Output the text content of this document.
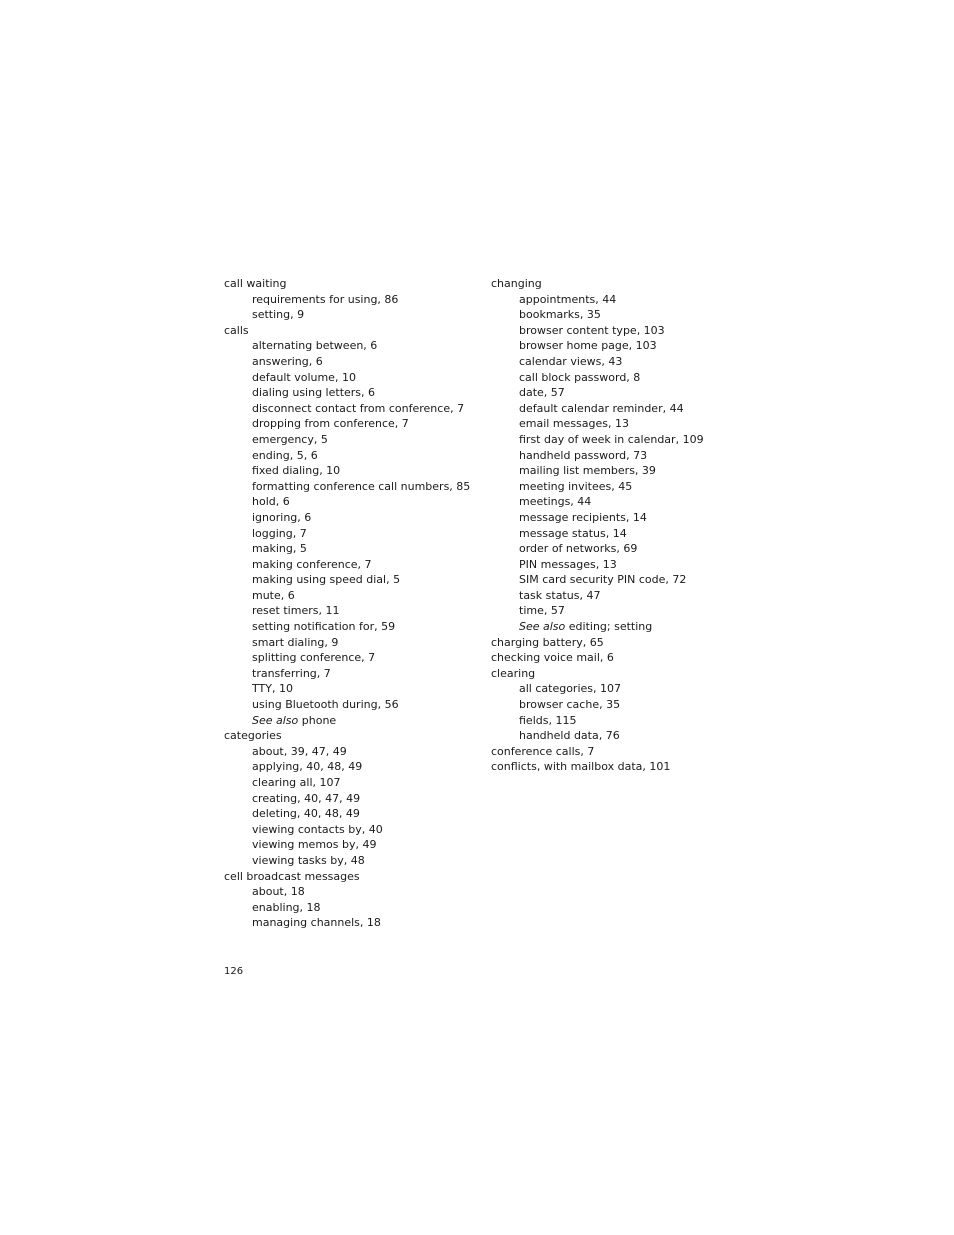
call waiting
requirements for using, 86
setting, 9
calls
alternating between, 6
answering, 6
default volume, 10
dialing using letters, 6
disconnect contact from conference, 7
dropping from conference, 7
emergency, 5
ending, 5, 6
fixed dialing, 10
formatting conference call numbers, 85
hold, 6
ignoring, 6
logging, 7
making, 5
making conference, 7
making using speed dial, 5
mute, 6
reset timers, 11
setting notification for, 59
smart dialing, 9
splitting conference, 7
transferring, 7
TTY, 10
using Bluetooth during, 56
See also phone
categories
about, 39, 47, 49
applying, 40, 48, 49
clearing all, 107
creating, 40, 47, 49
deleting, 40, 48, 49
viewing contacts by, 40
viewing memos by, 49
viewing tasks by, 48
cell broadcast messages
about, 18
enabling, 18
managing channels, 18
changing
appointments, 44
bookmarks, 35
browser content type, 103
browser home page, 103
calendar views, 43
call block password, 8
date, 57
default calendar reminder, 44
email messages, 13
first day of week in calendar, 109
handheld password, 73
mailing list members, 39
meeting invitees, 45
meetings, 44
message recipients, 14
message status, 14
order of networks, 69
PIN messages, 13
SIM card security PIN code, 72
task status, 47
time, 57
See also editing; setting
charging battery, 65
checking voice mail, 6
clearing
all categories, 107
browser cache, 35
fields, 115
handheld data, 76
conference calls, 7
conflicts, with mailbox data, 101
126
